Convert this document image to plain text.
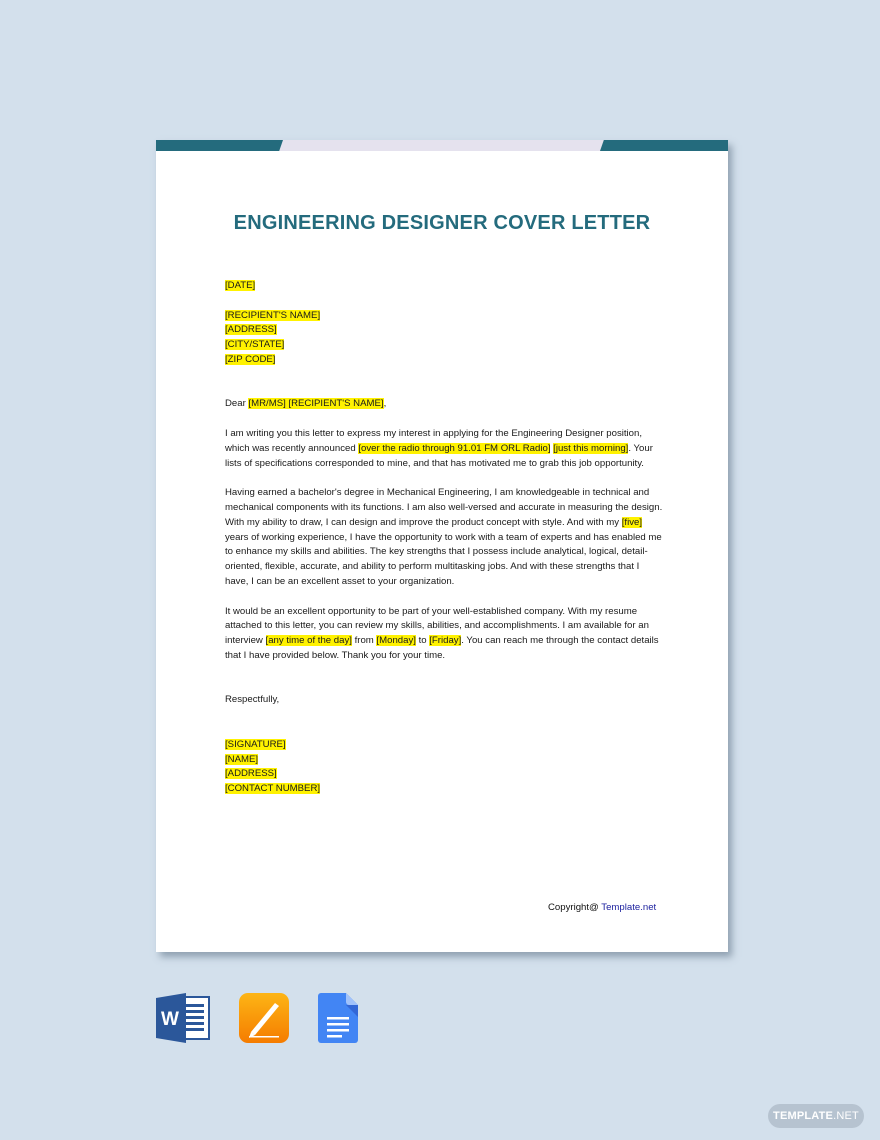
ENGINEERING DESIGNER COVER LETTER

[DATE]

[RECIPIENT'S NAME]

[ADDRESS]

[CITY/STATE]

[ZIP CODE]

Dear [MR/MS] [RECIPIENT'S NAME],

I am writing you this letter to express my interest in applying for the Engineering Designer position, which was recently announced [over the radio through 91.01 FM ORL Radio] [just this morning]. Your lists of specifications corresponded to mine, and that has motivated me to grab this job opportunity.

Having earned a bachelor's degree in Mechanical Engineering, I am knowledgeable in technical and mechanical components with its functions. I am also well-versed and accurate in measuring the design. With my ability to draw, I can design and improve the product concept with style. And with my [five] years of working experience, I have the opportunity to work with a team of experts and has enabled me to enhance my skills and abilities. The key strengths that I possess include analytical, logical, detail-oriented, flexible, accurate, and ability to perform multitasking jobs. And with these strengths that I have, I can be an excellent asset to your organization.

It would be an excellent opportunity to be part of your well-established company. With my resume attached to this letter, you can review my skills, abilities, and accomplishments. I am available for an interview [any time of the day] from [Monday] to [Friday]. You can reach me through the contact details that I have provided below. Thank you for your time.

Respectfully,

[SIGNATURE]

[NAME]

[ADDRESS]

[CONTACT NUMBER]

Copyright@ Template.net
W
TEMPLATE.NET
